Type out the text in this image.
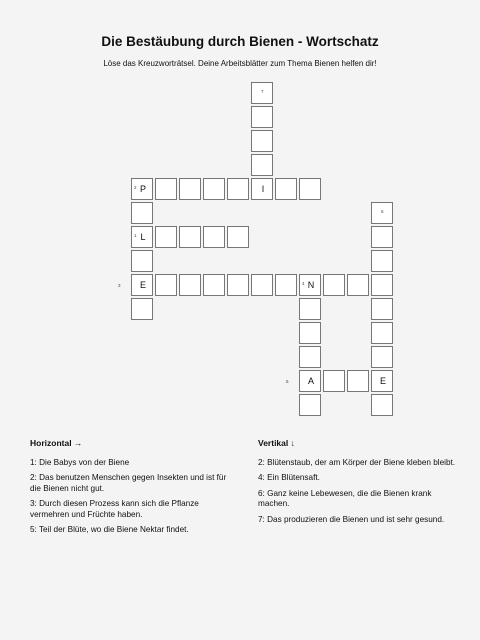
Die Bestäubung durch Bienen - Wortschatz

Löse das Kreuzworträtsel. Deine Arbeitsblätter zum Thema Bienen helfen dir!

7
I
2 P
1 L
E	4 N
A
6
E
3
5
Horizontal →

1: Die Babys von der Biene

2: Das benutzen Menschen gegen Insekten und ist für die Bienen nicht gut.

3: Durch diesen Prozess kann sich die Pflanze vermehren und Früchte haben.

5: Teil der Blüte, wo die Biene Nektar findet.

Vertikal ↓

2: Blütenstaub, der am Körper der Biene kleben bleibt.

4: Ein Blütensaft.

6: Ganz keine Lebewesen, die die Bienen krank machen.

7: Das produzieren die Bienen und ist sehr gesund.
